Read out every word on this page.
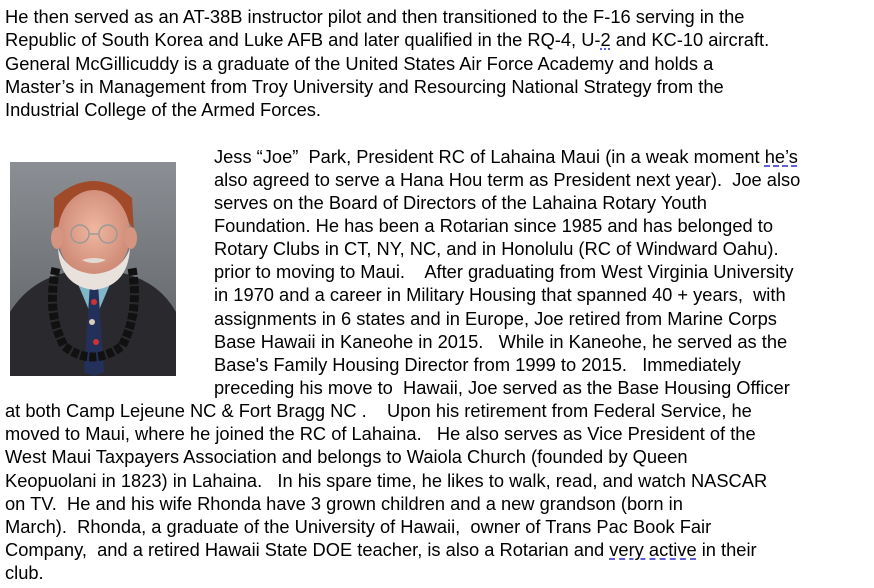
He then served as an AT-38B instructor pilot and then transitioned to the F-16 serving in the
Republic of South Korea and Luke AFB and later qualified in the RQ-4, U-2 and KC-10 aircraft.
General McGillicuddy is a graduate of the United States Air Force Academy and holds a
Master’s in Management from Troy University and Resourcing National Strategy from the
Industrial College of the Armed Forces.
Jess “Joe”  Park, President RC of Lahaina Maui (in a weak moment he’s
also agreed to serve a Hana Hou term as President next year).  Joe also
serves on the Board of Directors of the Lahaina Rotary Youth
Foundation. He has been a Rotarian since 1985 and has belonged to
Rotary Clubs in CT, NY, NC, and in Honolulu (RC of Windward Oahu).
prior to moving to Maui.    After graduating from West Virginia University
in 1970 and a career in Military Housing that spanned 40 + years,  with
assignments in 6 states and in Europe, Joe retired from Marine Corps
Base Hawaii in Kaneohe in 2015.   While in Kaneohe, he served as the
Base's Family Housing Director from 1999 to 2015.   Immediately
preceding his move to  Hawaii, Joe served as the Base Housing Officer
at both Camp Lejeune NC & Fort Bragg NC .    Upon his retirement from Federal Service, he
moved to Maui, where he joined the RC of Lahaina.   He also serves as Vice President of the
West Maui Taxpayers Association and belongs to Waiola Church (founded by Queen
Keopuolani in 1823) in Lahaina.   In his spare time, he likes to walk, read, and watch NASCAR
on TV.  He and his wife Rhonda have 3 grown children and a new grandson (born in
March).  Rhonda, a graduate of the University of Hawaii,  owner of Trans Pac Book Fair
Company,  and a retired Hawaii State DOE teacher, is also a Rotarian and very active in their
club.
